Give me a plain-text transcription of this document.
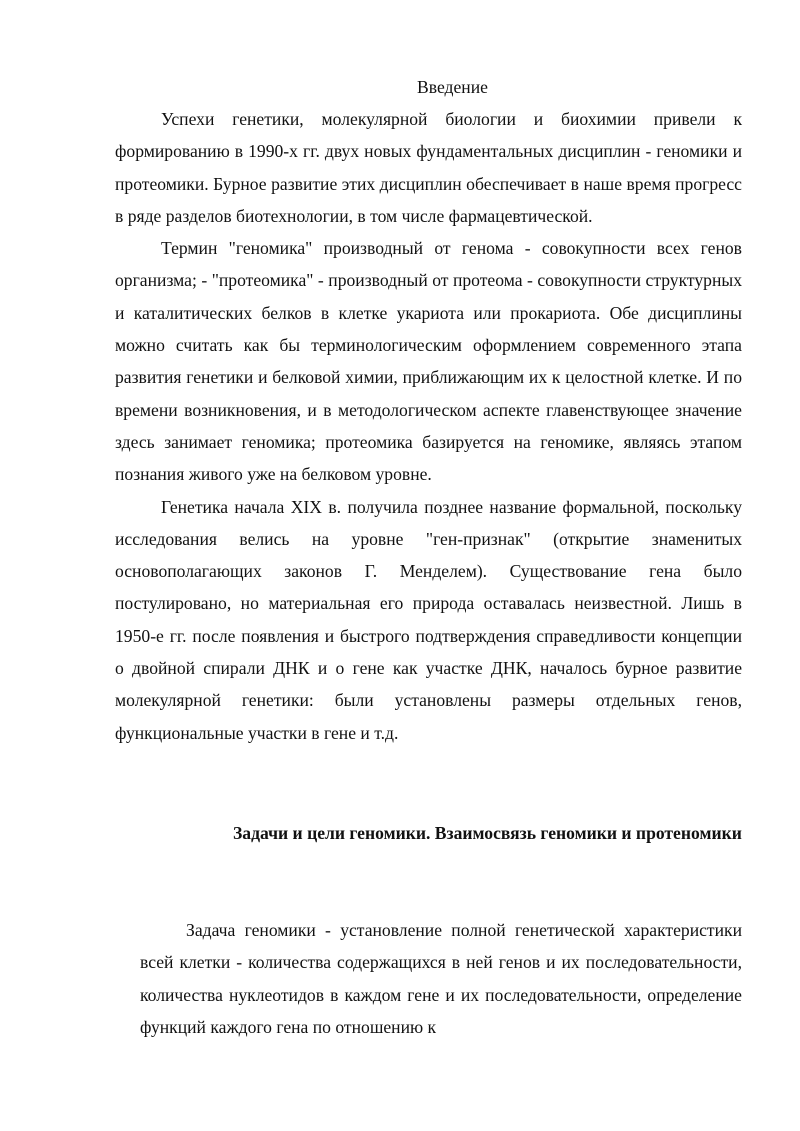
Введение

Успехи генетики, молекулярной биологии и биохимии привели к формированию в 1990-х гг. двух новых фундаментальных дисциплин - геномики и протеомики. Бурное развитие этих дисциплин обеспечивает в наше время прогресс в ряде разделов биотехнологии, в том числе фармацевтической.

Термин "геномика" производный от генома - совокупности всех генов организма; - "протеомика" - производный от протеома - совокупности структурных и каталитических белков в клетке укариота или прокариота. Обе дисциплины можно считать как бы терминологическим оформлением современного этапа развития генетики и белковой химии, приближающим их к целостной клетке. И по времени возникновения, и в методологическом аспекте главенствующее значение здесь занимает геномика; протеомика базируется на геномике, являясь этапом познания живого уже на белковом уровне.

Генетика начала XIX в. получила позднее название формальной, поскольку исследования велись на уровне "ген-признак" (открытие знаменитых основополагающих законов Г. Менделем). Существование гена было постулировано, но материальная его природа оставалась неизвестной. Лишь в 1950-е гг. после появления и быстрого подтверждения справедливости концепции о двойной спирали ДНК и о гене как участке ДНК, началось бурное развитие молекулярной генетики: были установлены размеры отдельных генов, функциональные участки в гене и т.д.

Задачи и цели геномики. Взаимосвязь геномики и протеномики

Задача геномики - установление полной генетической характеристики всей клетки - количества содержащихся в ней генов и их последовательности, количества нуклеотидов в каждом гене и их последовательности, определение функций каждого гена по отношению к
